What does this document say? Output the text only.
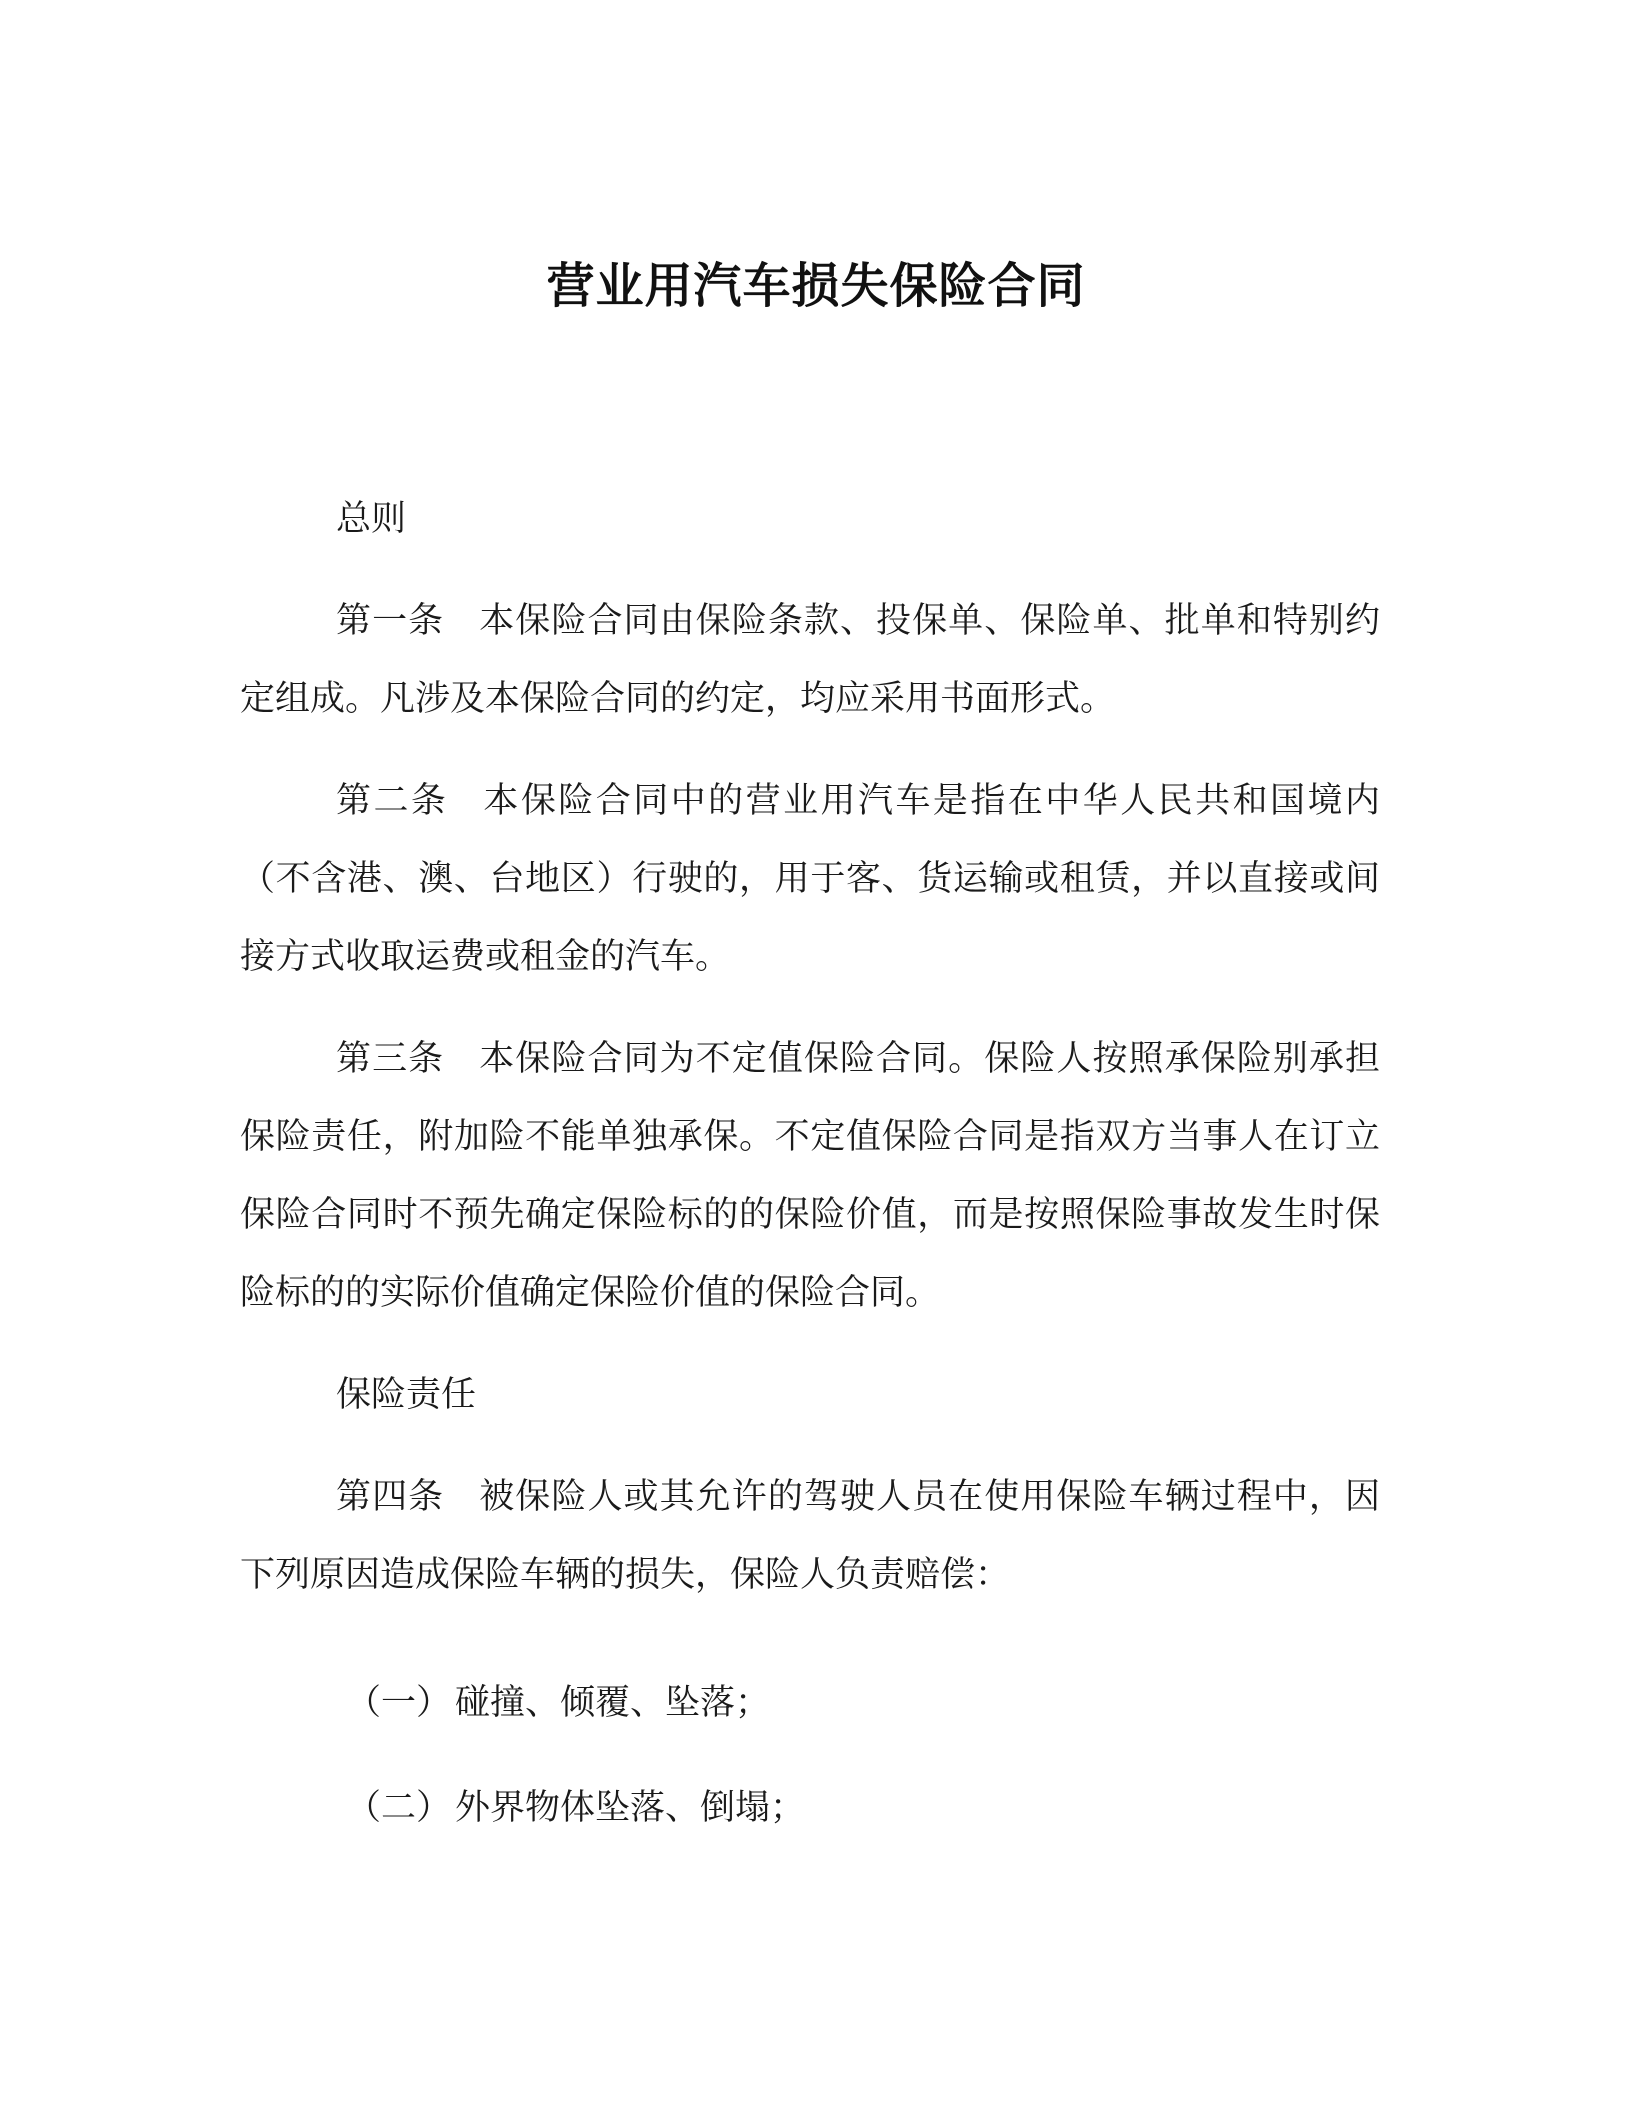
营业用汽车损失保险合同
总则

第一条 本保险合同由保险条款、投保单、保险单、批单和特别约定组成。凡涉及本保险合同的约定，均应采用书面形式。

第二条 本保险合同中的营业用汽车是指在中华人民共和国境内（不含港、澳、台地区）行驶的，用于客、货运输或租赁，并以直接或间接方式收取运费或租金的汽车。

第三条 本保险合同为不定值保险合同。保险人按照承保险别承担保险责任，附加险不能单独承保。不定值保险合同是指双方当事人在订立保险合同时不预先确定保险标的的保险价值，而是按照保险事故发生时保险标的的实际价值确定保险价值的保险合同。

保险责任

第四条 被保险人或其允许的驾驶人员在使用保险车辆过程中，因下列原因造成保险车辆的损失，保险人负责赔偿：

（一） 碰撞、倾覆、坠落；
（二） 外界物体坠落、倒塌；
